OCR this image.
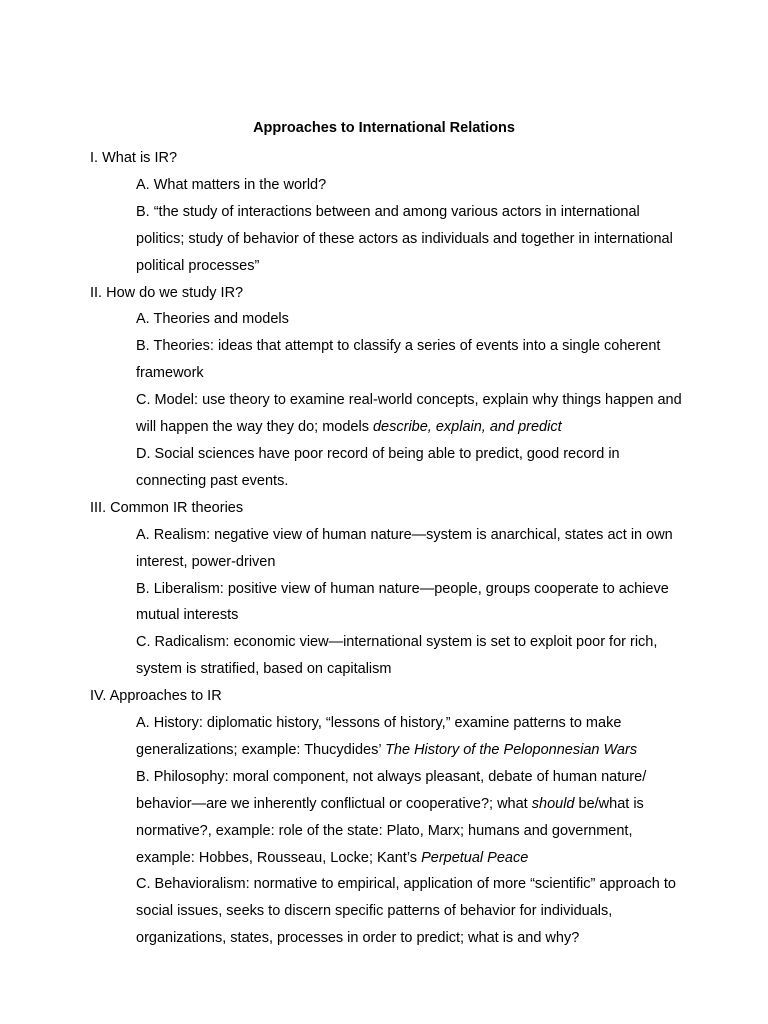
Approaches to International Relations

I. What is IR?

A. What matters in the world?

B. “the study of interactions between and among various actors in international politics; study of behavior of these actors as individuals and together in international political processes”

II. How do we study IR?

A. Theories and models

B. Theories: ideas that attempt to classify a series of events into a single coherent framework

C. Model: use theory to examine real-world concepts, explain why things happen and will happen the way they do; models describe, explain, and predict

D. Social sciences have poor record of being able to predict, good record in connecting past events.

III. Common IR theories

A. Realism: negative view of human nature—system is anarchical, states act in own interest, power-driven

B. Liberalism: positive view of human nature—people, groups cooperate to achieve mutual interests

C. Radicalism: economic view—international system is set to exploit poor for rich, system is stratified, based on capitalism

IV. Approaches to IR

A. History: diplomatic history, “lessons of history,” examine patterns to make generalizations; example: Thucydides’ The History of the Peloponnesian Wars

B. Philosophy: moral component, not always pleasant, debate of human nature/ behavior—are we inherently conflictual or cooperative?; what should be/what is normative?, example: role of the state: Plato, Marx; humans and government, example: Hobbes, Rousseau, Locke; Kant’s Perpetual Peace

C. Behavioralism: normative to empirical, application of more “scientific” approach to social issues, seeks to discern specific patterns of behavior for individuals, organizations, states, processes in order to predict; what is and why?
